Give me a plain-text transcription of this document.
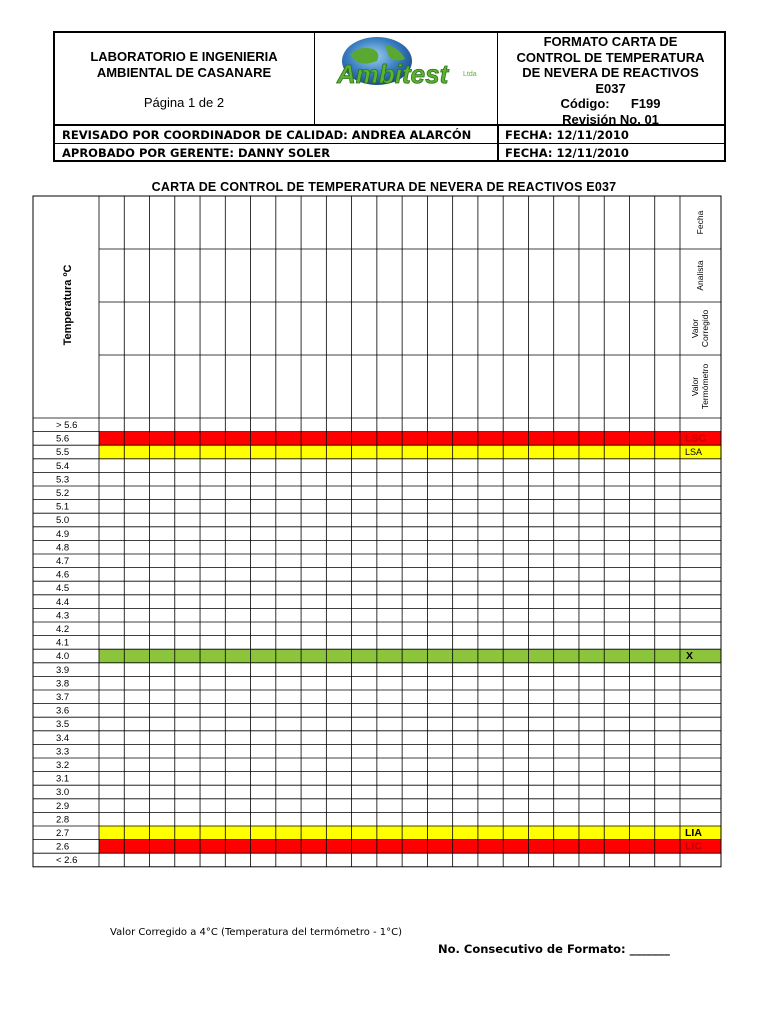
LABORATORIO E INGENIERIA
AMBIENTAL DE CASANARE
Página 1 de 2
Ambitest Ltda
FORMATO CARTA DE
CONTROL DE TEMPERATURA
DE NEVERA DE REACTIVOS
E037
Código: F199
Revisión No. 01
REVISADO POR COORDINADOR DE CALIDAD: ANDREA ALARCÓN	FECHA: 12/11/2010
APROBADO POR GERENTE: DANNY SOLER	FECHA: 12/11/2010
CARTA DE CONTROL DE TEMPERATURA DE NEVERA DE REACTIVOS E037
> 5.6
5.6
5.5
5.4
5.3
5.2
5.1
5.0
4.9
4.8
4.7
4.6
4.5
4.4
4.3
4.2
4.1
4.0
3.9
3.8
3.7
3.6
3.5
3.4
3.3
3.2
3.1
3.0
2.9
2.8
2.7
2.6
< 2.6
LSC
LSA
X
LIA
LIC
Fecha
Analista
Valor Corregido
Valor Termómetro
Temperatura ºC
Valor Corregido a 4°C (Temperatura del termómetro - 1°C)
No. Consecutivo de Formato: _______
